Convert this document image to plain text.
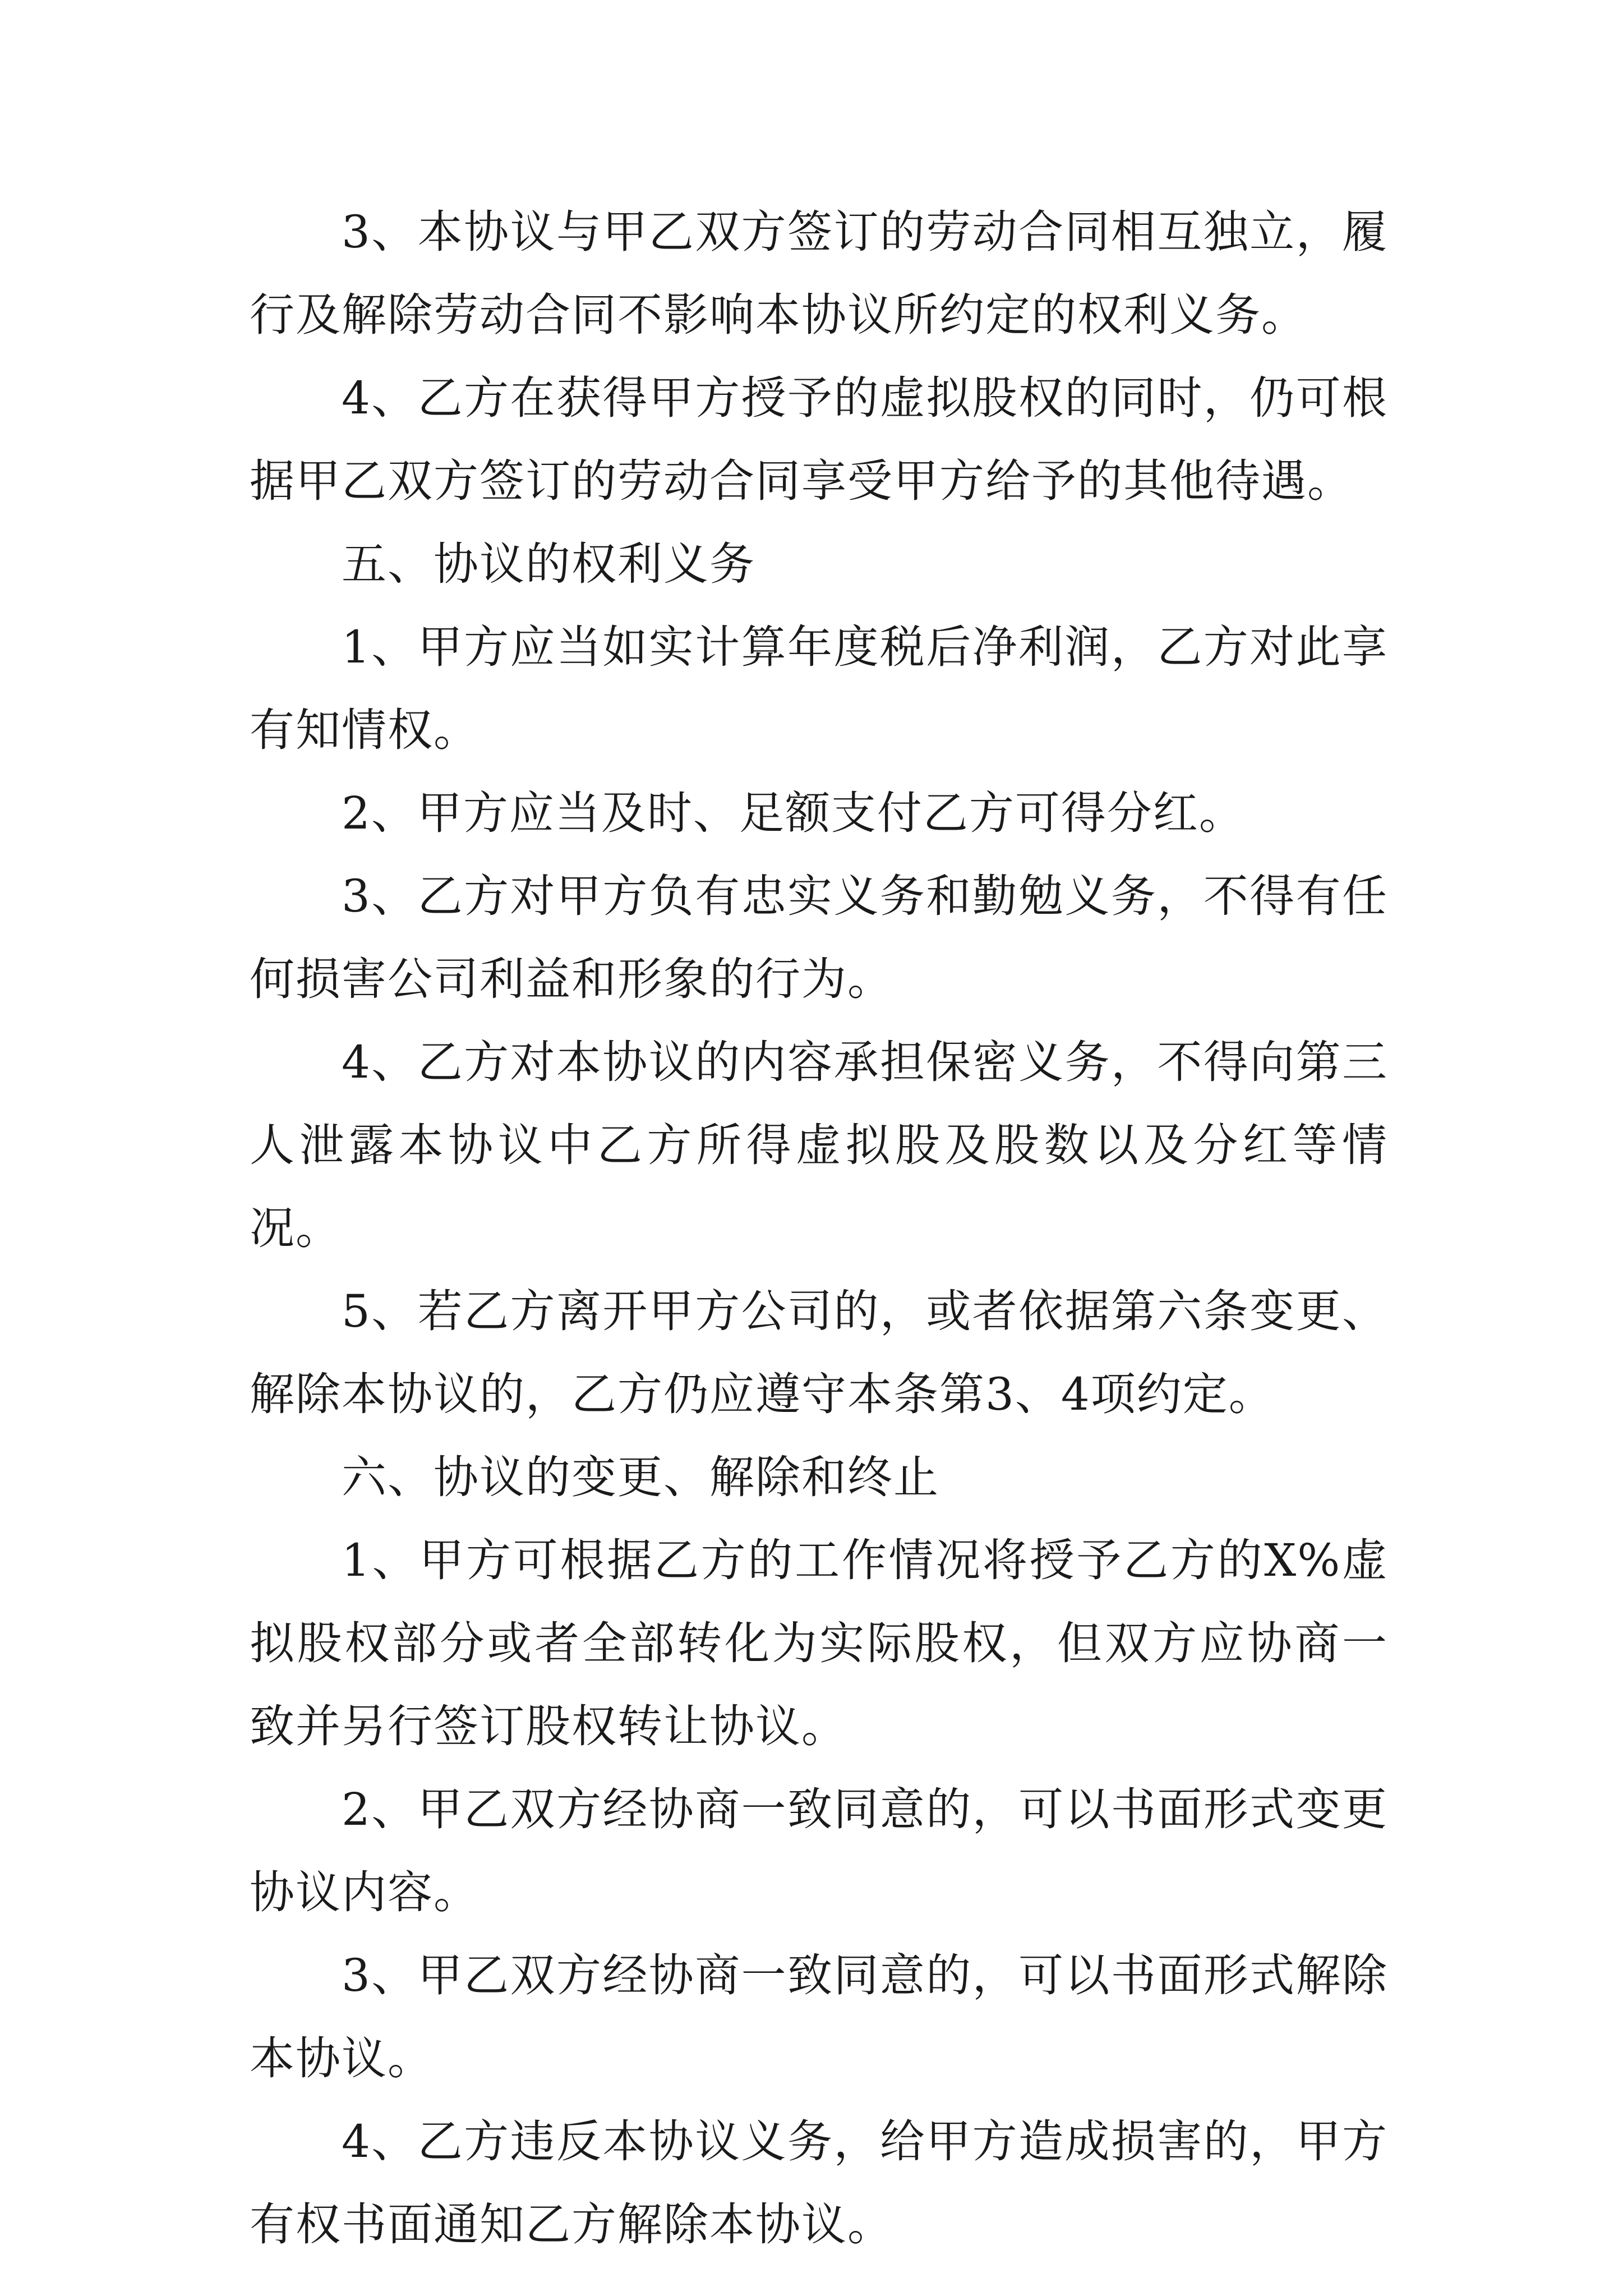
3、本协议与甲乙双方签订的劳动合同相互独立，履行及解除劳动合同不影响本协议所约定的权利义务。

4、乙方在获得甲方授予的虚拟股权的同时，仍可根据甲乙双方签订的劳动合同享受甲方给予的其他待遇。

五、协议的权利义务

1、甲方应当如实计算年度税后净利润，乙方对此享有知情权。

2、甲方应当及时、足额支付乙方可得分红。

3、乙方对甲方负有忠实义务和勤勉义务，不得有任何损害公司利益和形象的行为。

4、乙方对本协议的内容承担保密义务，不得向第三人泄露本协议中乙方所得虚拟股及股数以及分红等情况。

5、若乙方离开甲方公司的，或者依据第六条变更、解除本协议的，乙方仍应遵守本条第3、4项约定。

六、协议的变更、解除和终止

1、甲方可根据乙方的工作情况将授予乙方的X%虚拟股权部分或者全部转化为实际股权，但双方应协商一致并另行签订股权转让协议。

2、甲乙双方经协商一致同意的，可以书面形式变更协议内容。

3、甲乙双方经协商一致同意的，可以书面形式解除本协议。

4、乙方违反本协议义务，给甲方造成损害的，甲方有权书面通知乙方解除本协议。
